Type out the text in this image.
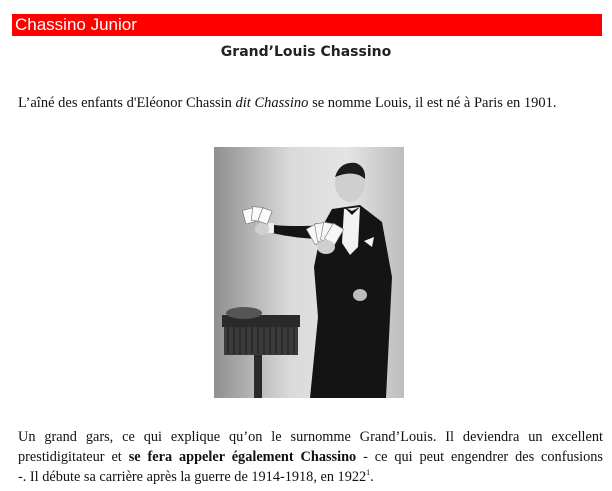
Chassino Junior
Grand’Louis Chassino
L’aîné des enfants d'Eléonor Chassin dit Chassino se nomme Louis, il est né à Paris en 1901.
Un grand gars, ce qui explique qu’on le surnomme Grand’Louis. Il deviendra un excellent
prestidigitateur et se fera appeler également Chassino - ce qui peut engendrer des confusions
-. Il débute sa carrière après la guerre de 1914-1918, en 1922$^1$.
